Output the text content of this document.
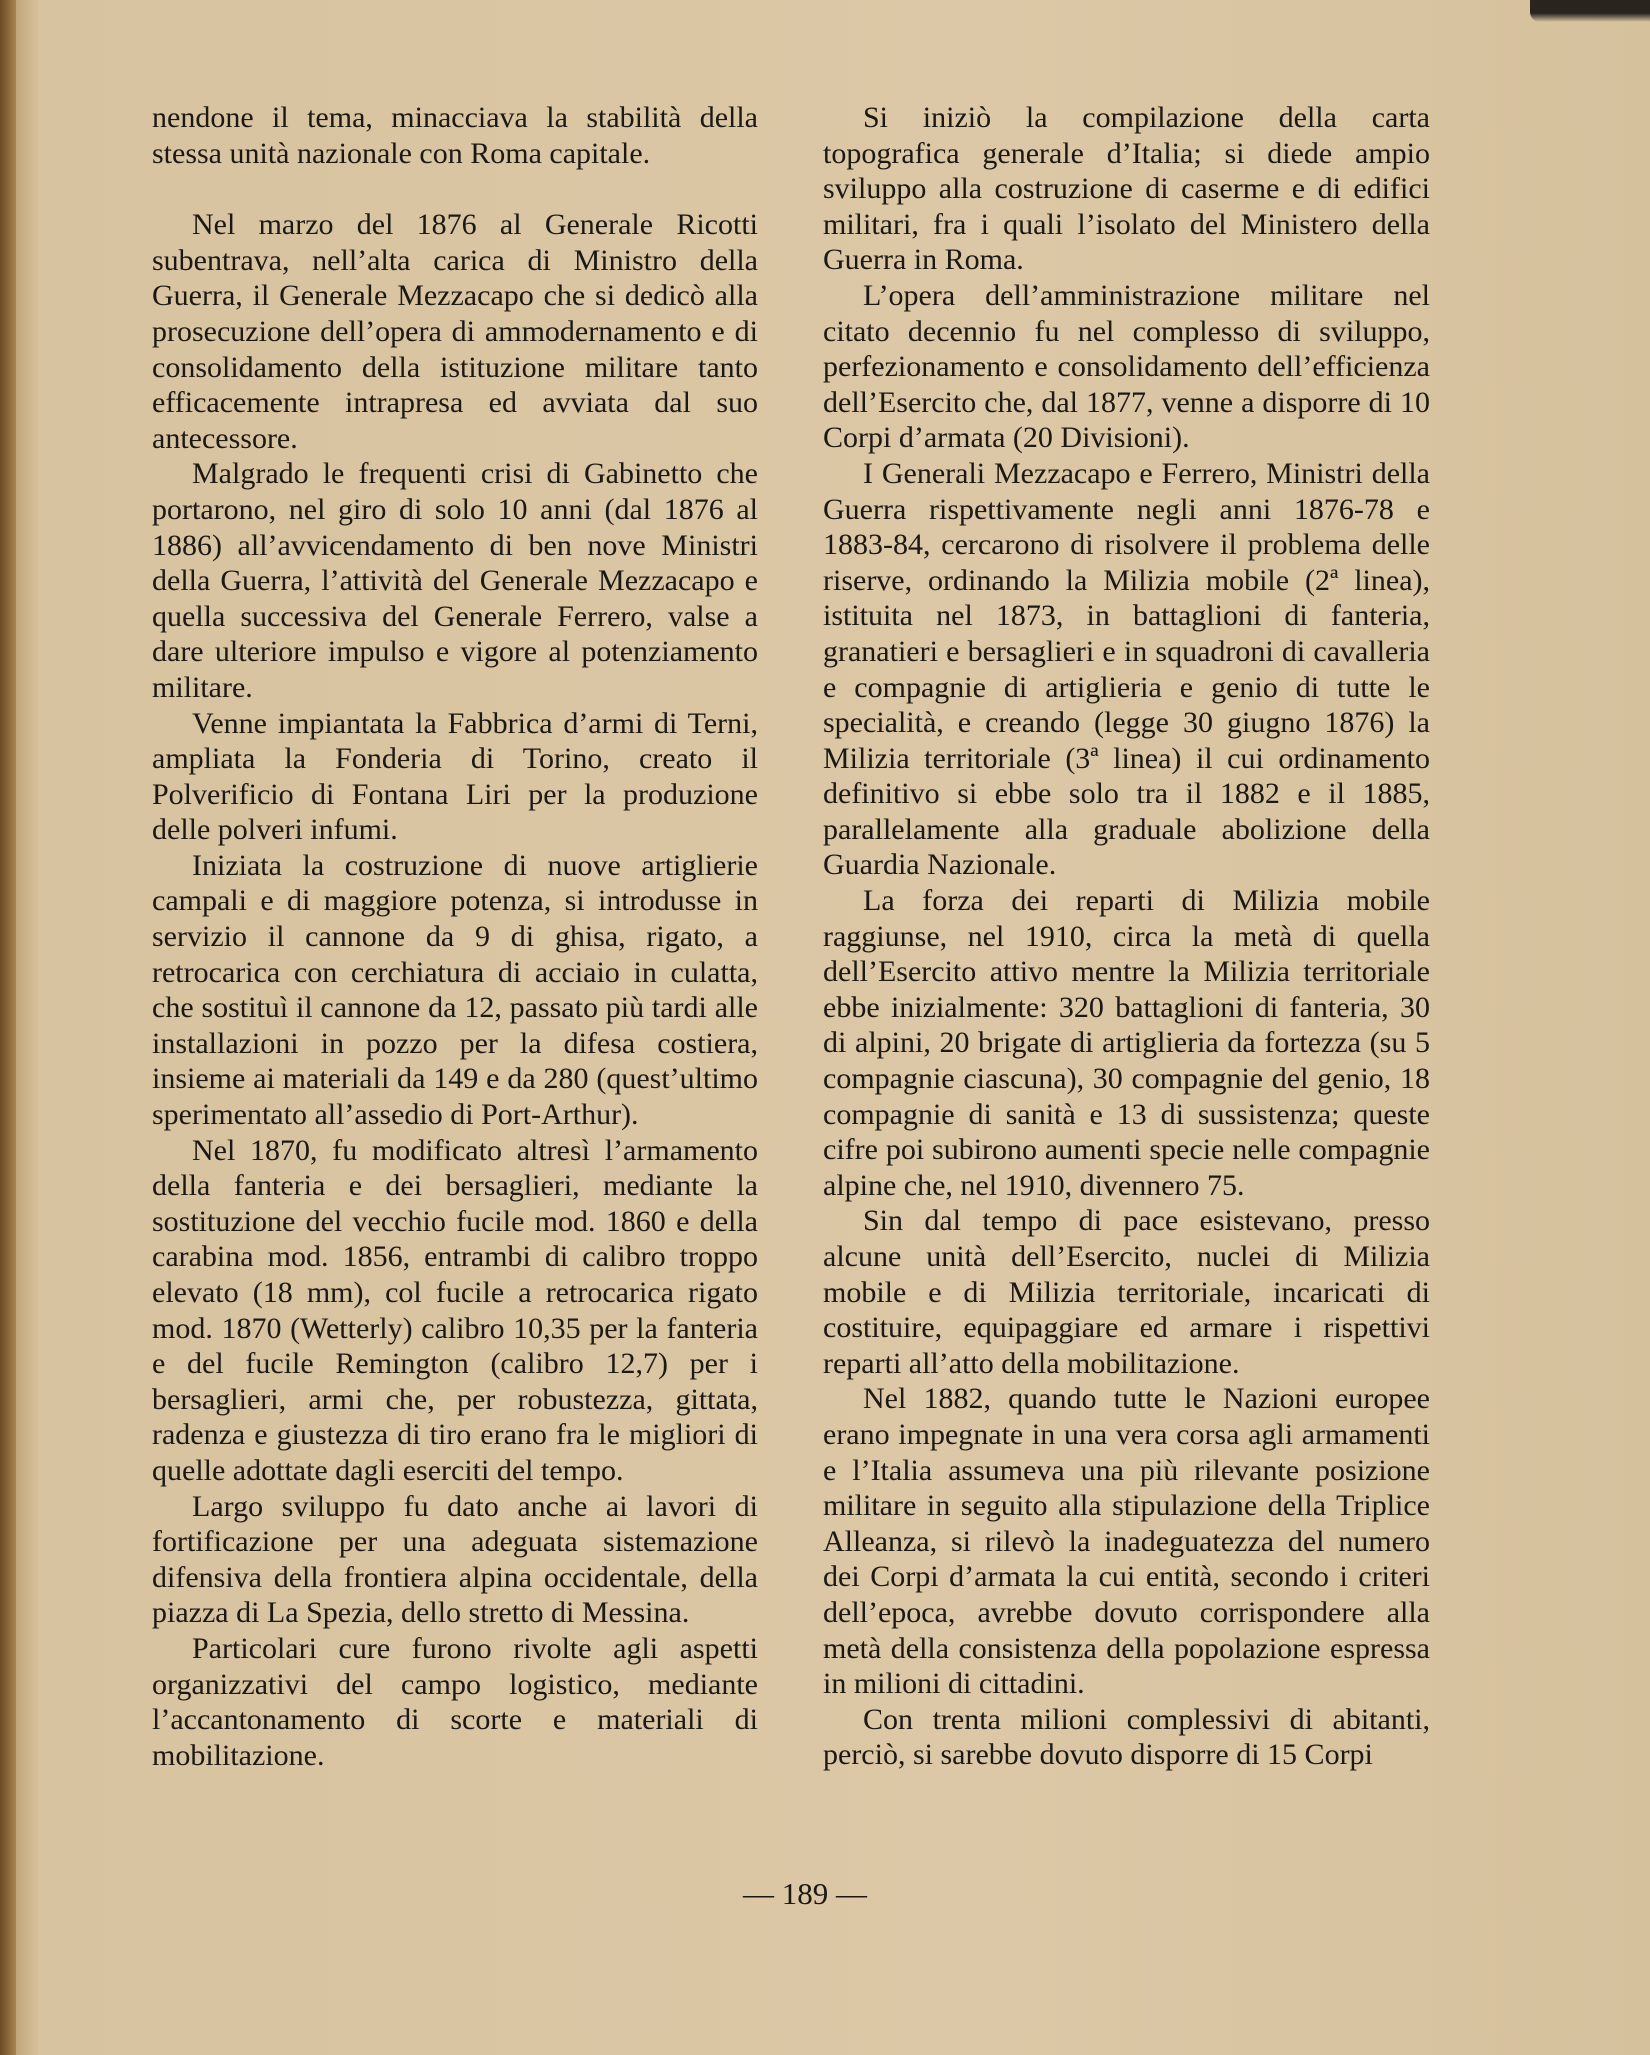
nendone il tema, minacciava la stabilità della stessa unità nazionale con Roma capitale.

Nel marzo del 1876 al Generale Ricotti subentrava, nell’alta carica di Ministro della Guerra, il Generale Mezzacapo che si dedicò alla prosecuzione dell’opera di ammodernamento e di consolidamento della istituzione militare tanto efficacemente intrapresa ed avviata dal suo antecessore.

Malgrado le frequenti crisi di Gabinetto che portarono, nel giro di solo 10 anni (dal 1876 al 1886) all’avvicendamento di ben nove Ministri della Guerra, l’attività del Generale Mezzacapo e quella successiva del Generale Ferrero, valse a dare ulteriore impulso e vigore al potenziamento militare.

Venne impiantata la Fabbrica d’armi di Terni, ampliata la Fonderia di Torino, creato il Polverificio di Fontana Liri per la produzione delle polveri infumi.

Iniziata la costruzione di nuove artiglierie campali e di maggiore potenza, si introdusse in servizio il cannone da 9 di ghisa, rigato, a retrocarica con cerchiatura di acciaio in culatta, che sostituì il cannone da 12, passato più tardi alle installazioni in pozzo per la difesa costiera, insieme ai materiali da 149 e da 280 (quest’ultimo sperimentato all’assedio di Port-Arthur).

Nel 1870, fu modificato altresì l’armamento della fanteria e dei bersaglieri, mediante la sostituzione del vecchio fucile mod. 1860 e della carabina mod. 1856, entrambi di calibro troppo elevato (18 mm), col fucile a retrocarica rigato mod. 1870 (Wetterly) calibro 10,35 per la fanteria e del fucile Remington (calibro 12,7) per i bersaglieri, armi che, per robustezza, gittata, radenza e giustezza di tiro erano fra le migliori di quelle adottate dagli eserciti del tempo.

Largo sviluppo fu dato anche ai lavori di fortificazione per una adeguata sistemazione difensiva della frontiera alpina occidentale, della piazza di La Spezia, dello stretto di Messina.

Particolari cure furono rivolte agli aspetti organizzativi del campo logistico, mediante l’accantonamento di scorte e materiali di mobilitazione.

Si iniziò la compilazione della carta topografica generale d’Italia; si diede ampio sviluppo alla costruzione di caserme e di edifici militari, fra i quali l’isolato del Ministero della Guerra in Roma.

L’opera dell’amministrazione militare nel citato decennio fu nel complesso di sviluppo, perfezionamento e consolidamento dell’efficienza dell’Esercito che, dal 1877, venne a disporre di 10 Corpi d’armata (20 Divisioni).

I Generali Mezzacapo e Ferrero, Ministri della Guerra rispettivamente negli anni 1876-78 e 1883-84, cercarono di risolvere il problema delle riserve, ordinando la Milizia mobile (2ª linea), istituita nel 1873, in battaglioni di fanteria, granatieri e bersaglieri e in squadroni di cavalleria e compagnie di artiglieria e genio di tutte le specialità, e creando (legge 30 giugno 1876) la Milizia territoriale (3ª linea) il cui ordinamento definitivo si ebbe solo tra il 1882 e il 1885, parallelamente alla graduale abolizione della Guardia Nazionale.

La forza dei reparti di Milizia mobile raggiunse, nel 1910, circa la metà di quella dell’Esercito attivo mentre la Milizia territoriale ebbe inizialmente: 320 battaglioni di fanteria, 30 di alpini, 20 brigate di artiglieria da fortezza (su 5 compagnie ciascuna), 30 compagnie del genio, 18 compagnie di sanità e 13 di sussistenza; queste cifre poi subirono aumenti specie nelle compagnie alpine che, nel 1910, divennero 75.

Sin dal tempo di pace esistevano, presso alcune unità dell’Esercito, nuclei di Milizia mobile e di Milizia territoriale, incaricati di costituire, equipaggiare ed armare i rispettivi reparti all’atto della mobilitazione.

Nel 1882, quando tutte le Nazioni europee erano impegnate in una vera corsa agli armamenti e l’Italia assumeva una più rilevante posizione militare in seguito alla stipulazione della Triplice Alleanza, si rilevò la inadeguatezza del numero dei Corpi d’armata la cui entità, secondo i criteri dell’epoca, avrebbe dovuto corrispondere alla metà della consistenza della popolazione espressa in milioni di cittadini.

Con trenta milioni complessivi di abitanti, perciò, si sarebbe dovuto disporre di 15 Corpi

— 189 —
